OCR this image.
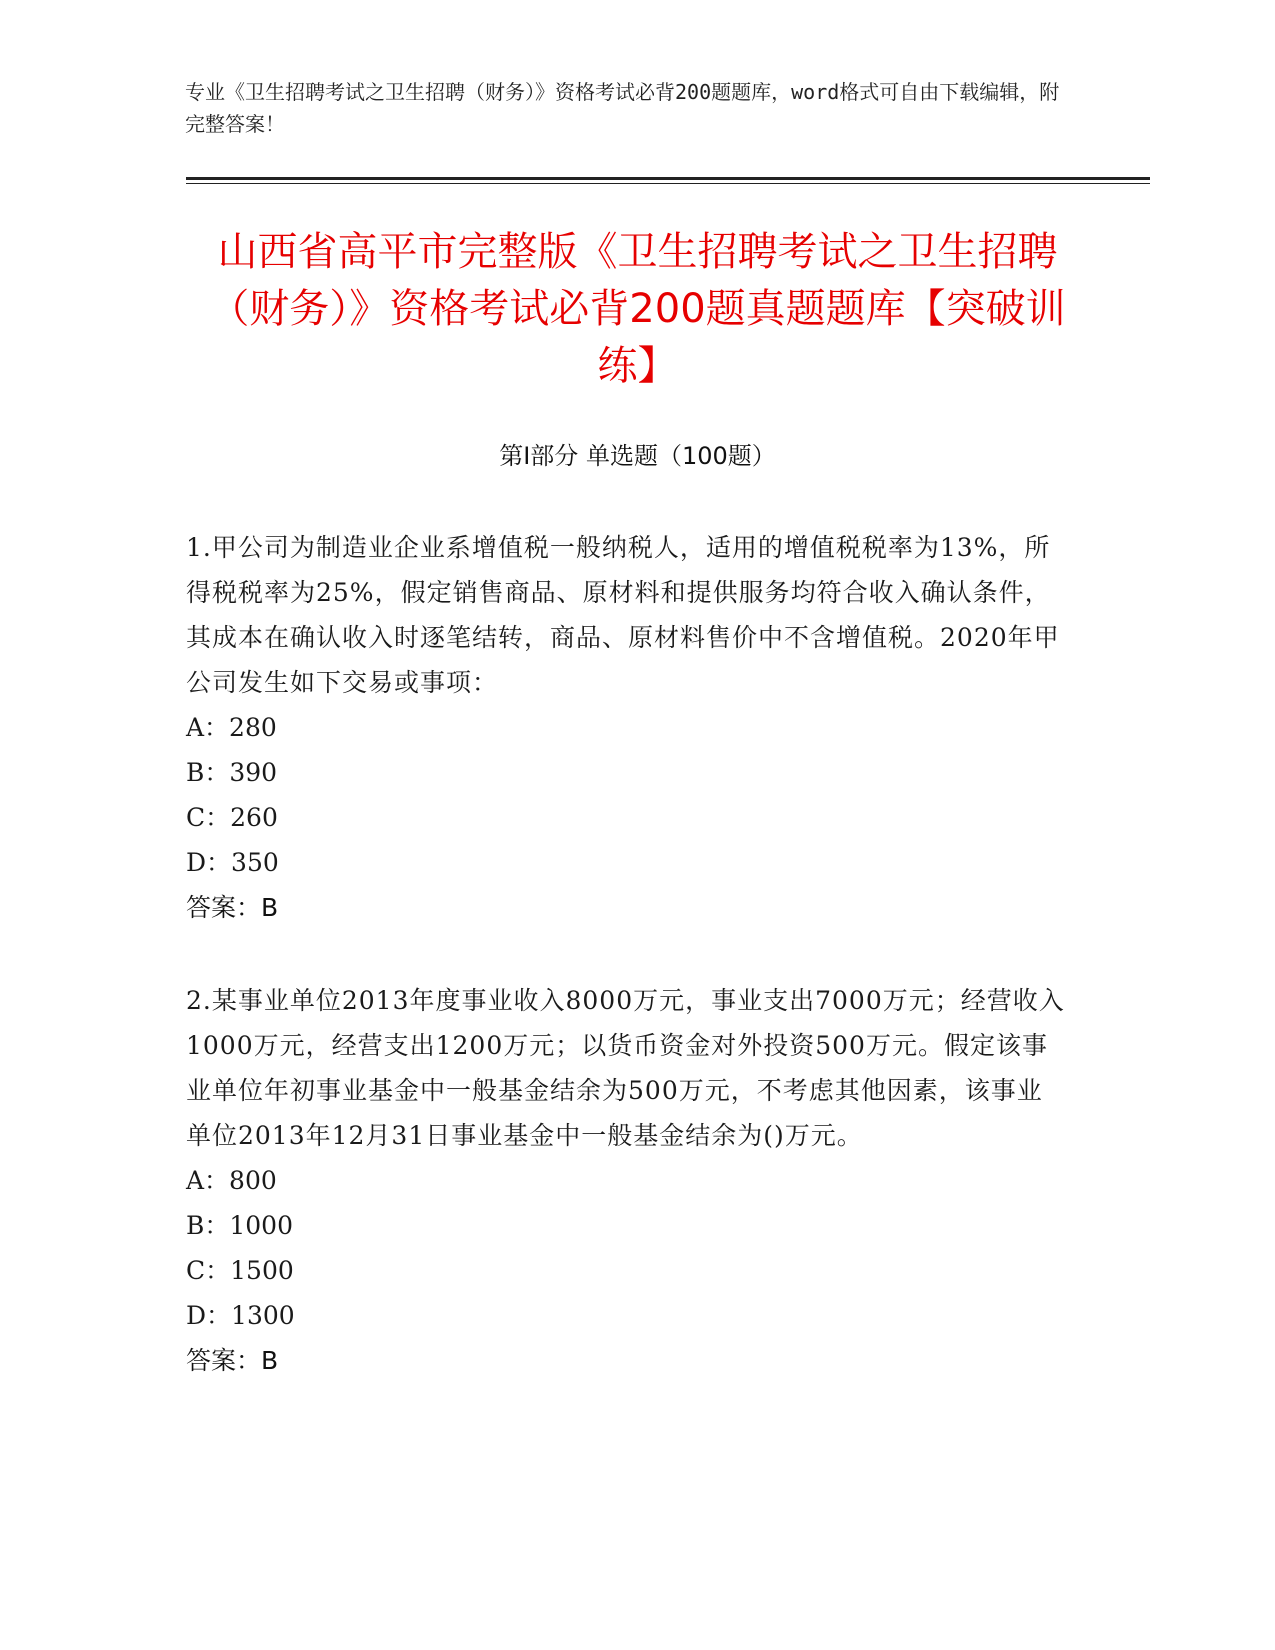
专业《卫生招聘考试之卫生招聘（财务）》资格考试必背200题题库，word格式可自由下载编辑，附完整答案！
山西省高平市完整版《卫生招聘考试之卫生招聘（财务）》资格考试必背200题真题题库【突破训练】
第Ⅰ部分 单选题（100题）
1.甲公司为制造业企业系增值税一般纳税人，适用的增值税税率为13%，所得税税率为25%，假定销售商品、原材料和提供服务均符合收入确认条件，其成本在确认收入时逐笔结转，商品、原材料售价中不含增值税。2020年甲公司发生如下交易或事项：
A：280
B：390
C：260
D：350
答案：B
2.某事业单位2013年度事业收入8000万元，事业支出7000万元；经营收入1000万元，经营支出1200万元；以货币资金对外投资500万元。假定该事业单位年初事业基金中一般基金结余为500万元，不考虑其他因素，该事业单位2013年12月31日事业基金中一般基金结余为()万元。
A：800
B：1000
C：1500
D：1300
答案：B
